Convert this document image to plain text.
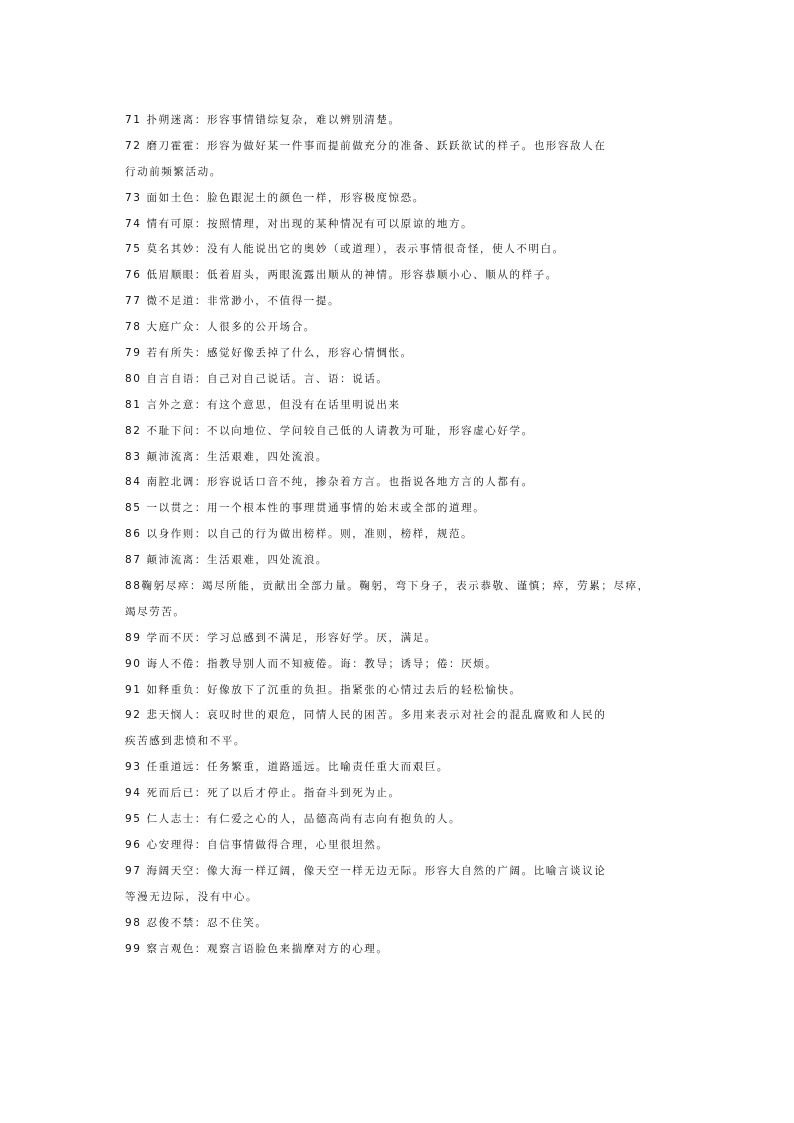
71 扑朔迷离：形容事情错综复杂，难以辨别清楚。
72 磨刀霍霍：形容为做好某一件事而提前做充分的准备、跃跃欲试的样子。也形容敌人在
行动前频繁活动。
73 面如土色：脸色跟泥土的颜色一样，形容极度惊恐。
74 情有可原：按照情理，对出现的某种情况有可以原谅的地方。
75 莫名其妙：没有人能说出它的奥妙（或道理），表示事情很奇怪，使人不明白。
76 低眉顺眼：低着眉头，两眼流露出顺从的神情。形容恭顺小心、顺从的样子。
77 微不足道：非常渺小，不值得一提。
78 大庭广众：人很多的公开场合。
79 若有所失：感觉好像丢掉了什么，形容心情惆怅。
80 自言自语：自己对自己说话。言、语：说话。
81 言外之意：有这个意思，但没有在话里明说出来
82 不耻下问：不以向地位、学问较自己低的人请教为可耻，形容虚心好学。
83 颠沛流离：生活艰难，四处流浪。
84 南腔北调：形容说话口音不纯，掺杂着方言。也指说各地方言的人都有。
85 一以贯之：用一个根本性的事理贯通事情的始末或全部的道理。
86 以身作则：以自己的行为做出榜样。则，准则，榜样，规范。
87 颠沛流离：生活艰难，四处流浪。
88鞠躬尽瘁：竭尽所能，贡献出全部力量。鞠躬，弯下身子，表示恭敬、谨慎；瘁，劳累；尽瘁，
竭尽劳苦。
89 学而不厌：学习总感到不满足，形容好学。厌，满足。
90 诲人不倦：指教导别人而不知疲倦。诲：教导；诱导；倦：厌烦。
91 如释重负：好像放下了沉重的负担。指紧张的心情过去后的轻松愉快。
92 悲天悯人：哀叹时世的艰危，同情人民的困苦。多用来表示对社会的混乱腐败和人民的
疾苦感到悲愤和不平。
93 任重道远：任务繁重，道路遥远。比喻责任重大而艰巨。
94 死而后已：死了以后才停止。指奋斗到死为止。
95 仁人志士：有仁爱之心的人，品德高尚有志向有抱负的人。
96 心安理得：自信事情做得合理，心里很坦然。
97 海阔天空：像大海一样辽阔，像天空一样无边无际。形容大自然的广阔。比喻言谈议论
等漫无边际，没有中心。
98 忍俊不禁：忍不住笑。
99 察言观色：观察言语脸色来揣摩对方的心理。
